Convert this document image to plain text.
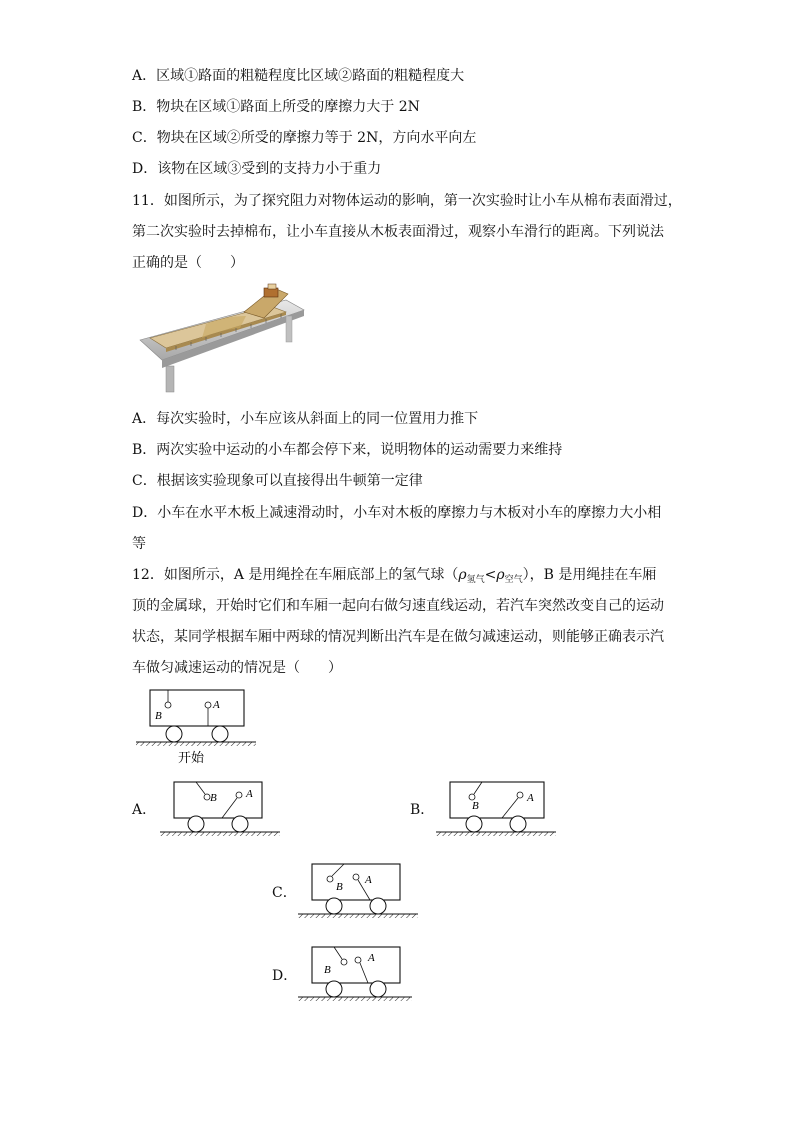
A．区域①路面的粗糙程度比区域②路面的粗糙程度大
B．物块在区域①路面上所受的摩擦力大于 2N
C．物块在区域②所受的摩擦力等于 2N，方向水平向左
D．该物在区域③受到的支持力小于重力
11．如图所示，为了探究阻力对物体运动的影响，第一次实验时让小车从棉布表面滑过，
第二次实验时去掉棉布，让小车直接从木板表面滑过，观察小车滑行的距离。下列说法
正确的是（　　）
A．每次实验时，小车应该从斜面上的同一位置用力推下
B．两次实验中运动的小车都会停下来，说明物体的运动需要力来维持
C．根据该实验现象可以直接得出牛顿第一定律
D．小车在水平木板上减速滑动时，小车对木板的摩擦力与木板对小车的摩擦力大小相
等
12．如图所示，A 是用绳拴在车厢底部上的氢气球$(\rho_{氢气}<\rho_{空气})$，B 是用绳挂在车厢
顶的金属球，开始时它们和车厢一起向右做匀速直线运动，若汽车突然改变自己的运动
状态，某同学根据车厢中两球的情况判断出汽车是在做匀减速运动，则能够正确表示汽
车做匀减速运动的情况是（　　）
B
A
开始
A．
B	A
B．	B
A
C．	B
A
D． B
A
